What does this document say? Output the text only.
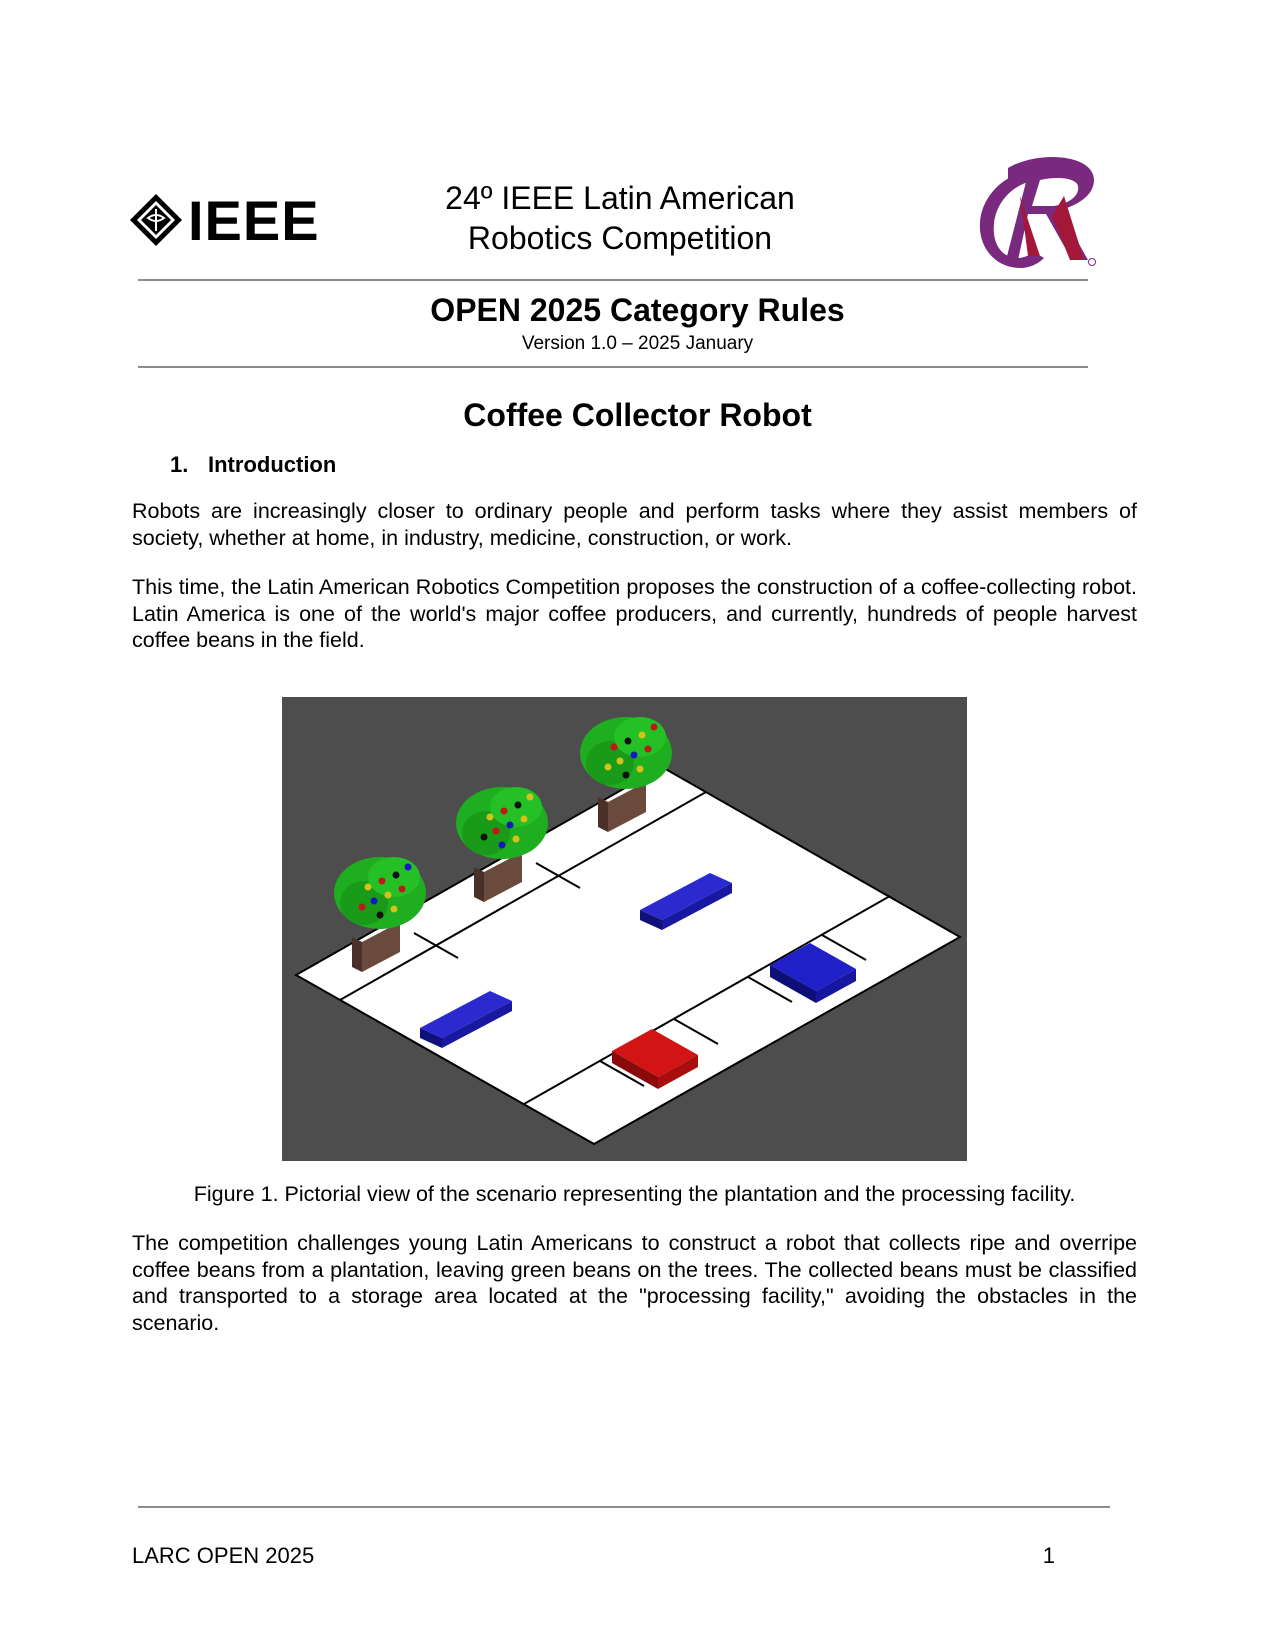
IEEE	24º IEEE Latin American
Robotics Competition
OPEN 2025 Category Rules
Version 1.0 – 2025 January
Coffee Collector Robot
1. Introduction
Robots are increasingly closer to ordinary people and perform tasks where they assist members of society, whether at home, in industry, medicine, construction, or work.
This time, the Latin American Robotics Competition proposes the construction of a coffee-collecting robot. Latin America is one of the world's major coffee producers, and currently, hundreds of people harvest coffee beans in the field.
Figure 1. Pictorial view of the scenario representing the plantation and the processing facility.
The competition challenges young Latin Americans to construct a robot that collects ripe and overripe coffee beans from a plantation, leaving green beans on the trees. The collected beans must be classified and transported to a storage area located at the "processing facility," avoiding the obstacles in the scenario.
LARC OPEN 2025	1
